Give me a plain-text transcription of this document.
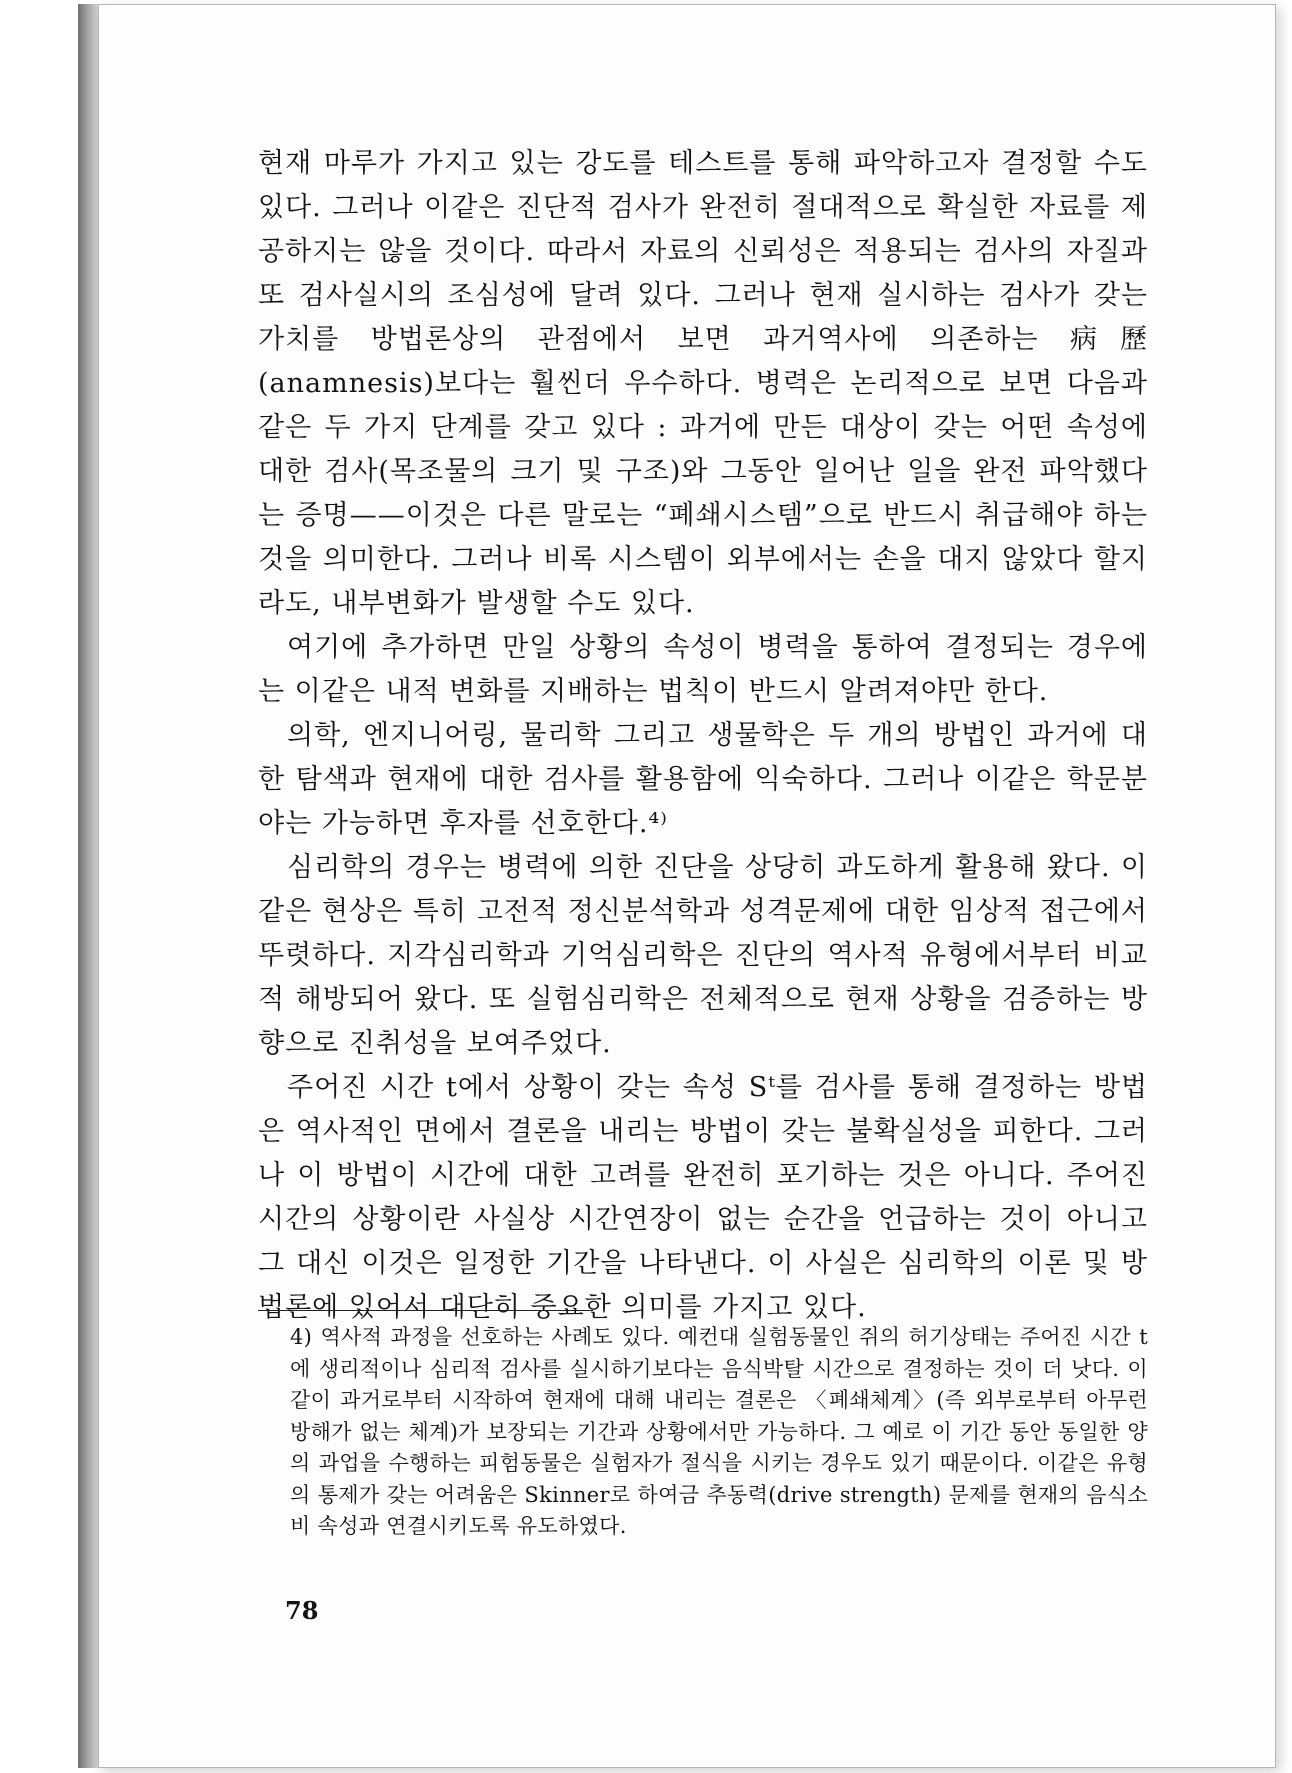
현재 마루가 가지고 있는 강도를 테스트를 통해 파악하고자 결정할 수도 있다. 그러나 이같은 진단적 검사가 완전히 절대적으로 확실한 자료를 제공하지는 않을 것이다. 따라서 자료의 신뢰성은 적용되는 검사의 자질과 또 검사실시의 조심성에 달려 있다. 그러나 현재 실시하는 검사가 갖는 가치를 방법론상의 관점에서 보면 과거역사에 의존하는 病歷(anamnesis)보다는 훨씬더 우수하다. 병력은 논리적으로 보면 다음과 같은 두 가지 단계를 갖고 있다 : 과거에 만든 대상이 갖는 어떤 속성에 대한 검사(목조물의 크기 및 구조)와 그동안 일어난 일을 완전 파악했다는 증명——이것은 다른 말로는 “폐쇄시스템”으로 반드시 취급해야 하는 것을 의미한다. 그러나 비록 시스템이 외부에서는 손을 대지 않았다 할지라도, 내부변화가 발생할 수도 있다.

여기에 추가하면 만일 상황의 속성이 병력을 통하여 결정되는 경우에는 이같은 내적 변화를 지배하는 법칙이 반드시 알려져야만 한다.

의학, 엔지니어링, 물리학 그리고 생물학은 두 개의 방법인 과거에 대한 탐색과 현재에 대한 검사를 활용함에 익숙하다. 그러나 이같은 학문분야는 가능하면 후자를 선호한다.⁴⁾

심리학의 경우는 병력에 의한 진단을 상당히 과도하게 활용해 왔다. 이같은 현상은 특히 고전적 정신분석학과 성격문제에 대한 임상적 접근에서 뚜렷하다. 지각심리학과 기억심리학은 진단의 역사적 유형에서부터 비교적 해방되어 왔다. 또 실험심리학은 전체적으로 현재 상황을 검증하는 방향으로 진취성을 보여주었다.

주어진 시간 t에서 상황이 갖는 속성 Sᵗ를 검사를 통해 결정하는 방법은 역사적인 면에서 결론을 내리는 방법이 갖는 불확실성을 피한다. 그러나 이 방법이 시간에 대한 고려를 완전히 포기하는 것은 아니다. 주어진 시간의 상황이란 사실상 시간연장이 없는 순간을 언급하는 것이 아니고 그 대신 이것은 일정한 기간을 나타낸다. 이 사실은 심리학의 이론 및 방법론에 있어서 대단히 중요한 의미를 가지고 있다.

4) 역사적 과정을 선호하는 사례도 있다. 예컨대 실험동물인 쥐의 허기상태는 주어진 시간 t에 생리적이나 심리적 검사를 실시하기보다는 음식박탈 시간으로 결정하는 것이 더 낫다. 이같이 과거로부터 시작하여 현재에 대해 내리는 결론은 〈폐쇄체계〉(즉 외부로부터 아무런 방해가 없는 체계)가 보장되는 기간과 상황에서만 가능하다. 그 예로 이 기간 동안 동일한 양의 과업을 수행하는 피험동물은 실험자가 절식을 시키는 경우도 있기 때문이다. 이같은 유형의 통제가 갖는 어려움은 Skinner로 하여금 추동력(drive strength) 문제를 현재의 음식소비 속성과 연결시키도록 유도하였다.
78
